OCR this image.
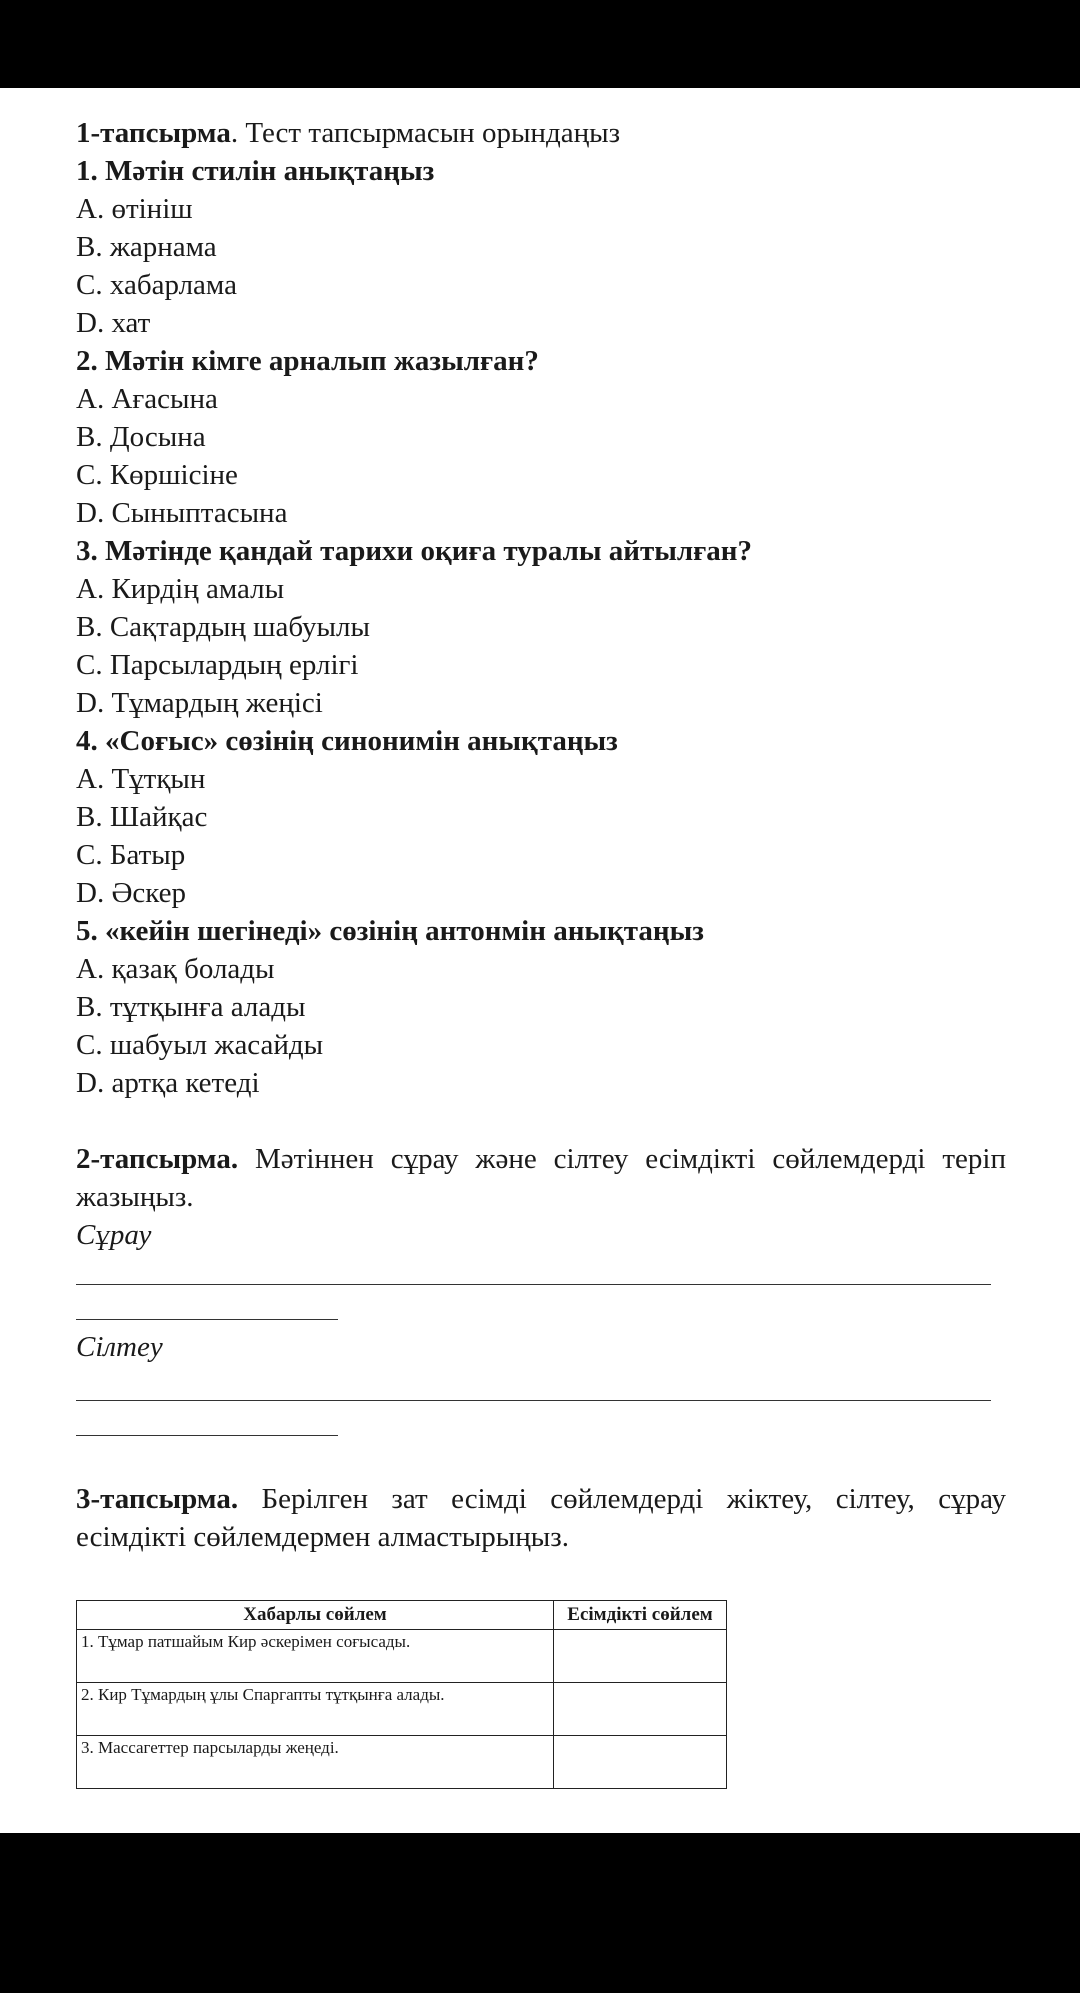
1-тапсырма. Тест тапсырмасын орындаңыз
1. Мәтін стилін анықтаңыз
A. өтініш
B. жарнама
C. хабарлама
D. хат
2. Мәтін кімге арналып жазылған?
A. Ағасына
B. Досына
C. Көршісіне
D. Сыныптасына
3. Мәтінде қандай тарихи оқиға туралы айтылған?
A. Кирдің амалы
B. Сақтардың шабуылы
C. Парсылардың ерлігі
D. Тұмардың жеңісі
4. «Соғыс» сөзінің синонимін анықтаңыз
A. Тұтқын
B. Шайқас
C. Батыр
D. Әскер
5. «кейін шегінеді» сөзінің антонмін анықтаңыз
A. қазақ болады
B. тұтқынға алады
C. шабуыл жасайды
D. артқа кетеді
2-тапсырма. Мәтіннен сұрау және сілтеу есімдікті сөйлемдерді теріп жазыңыз.
Сұрау
Сілтеу
3-тапсырма. Берілген зат есімді сөйлемдерді жіктеу, сілтеу, сұрау есімдікті сөйлемдермен алмастырыңыз.
Хабарлы сөйлем	Есімдікті сөйлем
1. Тұмар патшайым Кир әскерімен соғысады.	
2. Кир Тұмардың ұлы Спаргапты тұтқынға алады.	
3. Массагеттер парсыларды жеңеді.	
